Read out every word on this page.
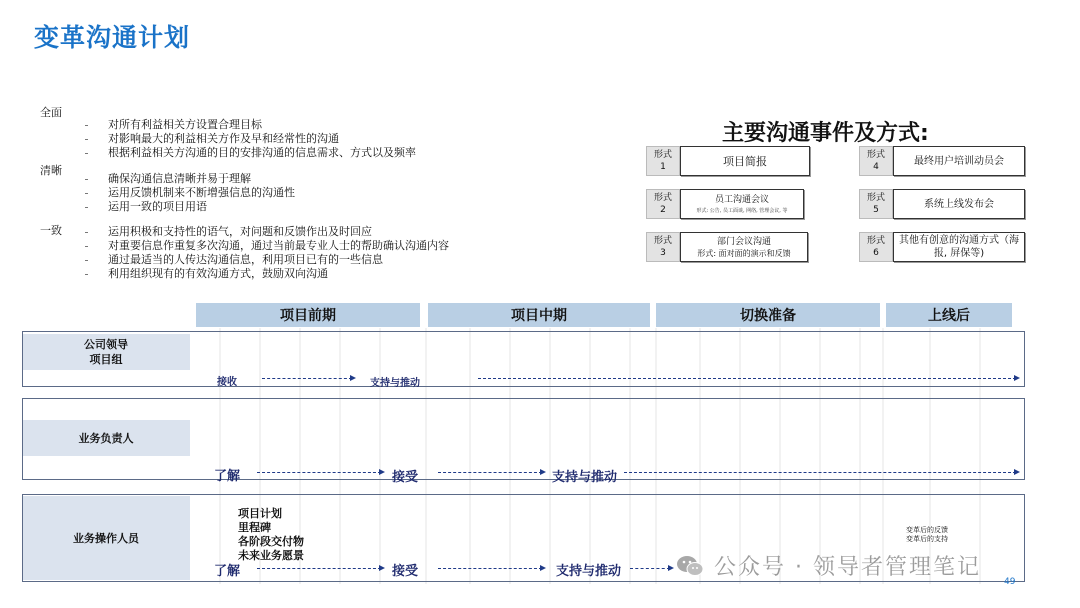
变革沟通计划
全面
对所有利益相关方设置合理目标
对影响最大的利益相关方作及早和经常性的沟通
根据利益相关方沟通的目的安排沟通的信息需求、方式以及频率
清晰
确保沟通信息清晰并易于理解
运用反馈机制来不断增强信息的沟通性
运用一致的项目用语
一致	运用积极和支持性的语气，对问题和反馈作出及时回应
对重要信息作重复多次沟通，通过当前最专业人士的帮助确认沟通内容
通过最适当的人传达沟通信息，利用项目已有的一些信息
利用组织现有的有效沟通方式，鼓励双向沟通
主要沟通事件及方式:
形式
1	项目简报
形式
2
员工沟通会议
形式: 公告, 员工面谈, 网络, 管理会议, 等
形式
3
部门会议沟通
形式: 面对面的演示和反馈
形式
4
最终用户培训动员会
形式
5
系统上线发布会
形式
6
其他有创意的沟通方式（海报, 屏保等)
项目前期	项目中期	切换准备	上线后
公司领导
项目组
接收	支持与推动
业务负责人
了解	接受	支持与推动
业务操作人员
项目计划
里程碑
各阶段交付物
未来业务愿景
变革后的反馈
变革后的支持
了解	接受	支持与推动	公众号 · 领导者管理笔记
49
